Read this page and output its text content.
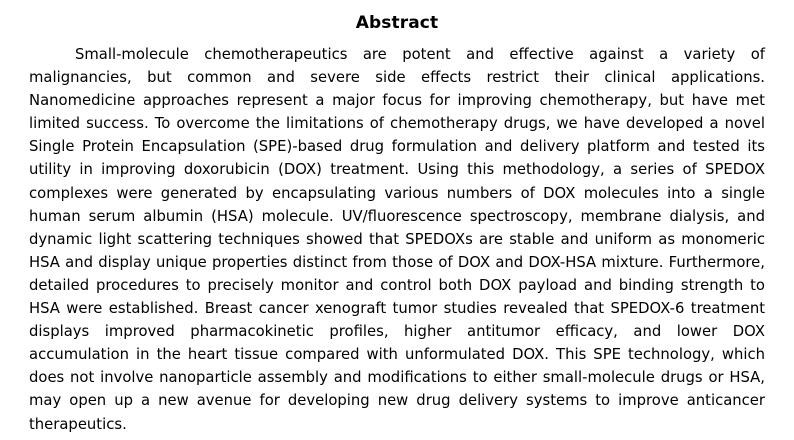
Abstract

Small-molecule chemotherapeutics are potent and effective against a variety of malignancies, but common and severe side effects restrict their clinical applications. Nanomedicine approaches represent a major focus for improving chemotherapy, but have met limited success. To overcome the limitations of chemotherapy drugs, we have developed a novel Single Protein Encapsulation (SPE)-based drug formulation and delivery platform and tested its utility in improving doxorubicin (DOX) treatment. Using this methodology, a series of SPEDOX complexes were generated by encapsulating various numbers of DOX molecules into a single human serum albumin (HSA) molecule. UV/fluorescence spectroscopy, membrane dialysis, and dynamic light scattering techniques showed that SPEDOXs are stable and uniform as monomeric HSA and display unique properties distinct from those of DOX and DOX-HSA mixture. Furthermore, detailed procedures to precisely monitor and control both DOX payload and binding strength to HSA were established. Breast cancer xenograft tumor studies revealed that SPEDOX-6 treatment displays improved pharmacokinetic profiles, higher antitumor efficacy, and lower DOX accumulation in the heart tissue compared with unformulated DOX. This SPE technology, which does not involve nanoparticle assembly and modifications to either small-molecule drugs or HSA, may open up a new avenue for developing new drug delivery systems to improve anticancer therapeutics.
